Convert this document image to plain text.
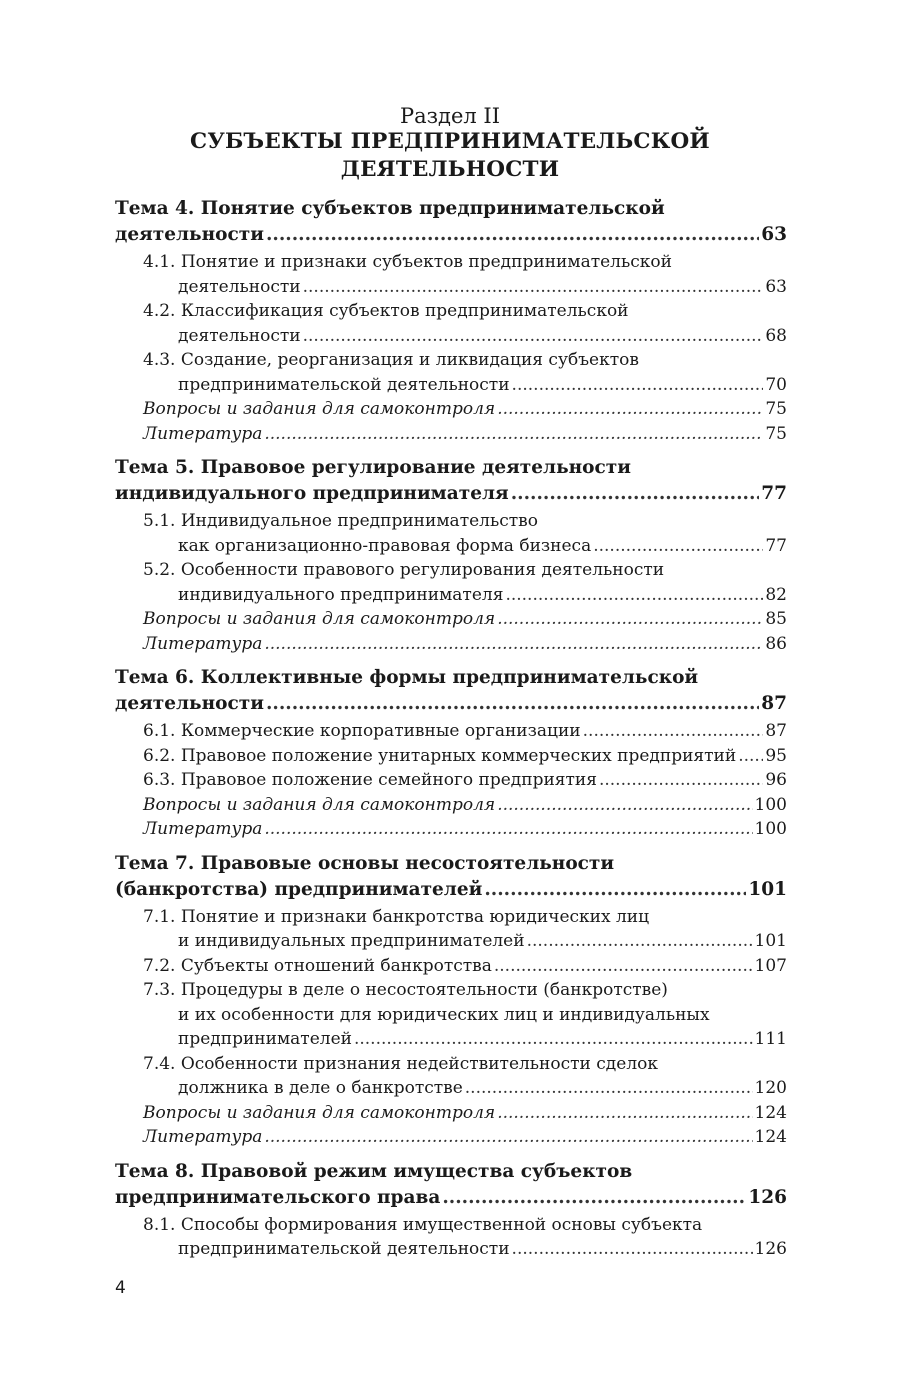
Раздел II
СУБЪЕКТЫ ПРЕДПРИНИМАТЕЛЬСКОЙ
ДЕЯТЕЛЬНОСТИ
Тема 4. Понятие субъектов предпринимательской
деятельности .....	63
4.1. Понятие и признаки субъектов предпринимательской
деятельности .....	63
4.2. Классификация субъектов предпринимательской
деятельности .....	68
4.3. Создание, реорганизация и ликвидация субъектов
предпринимательской деятельности .....	70
Вопросы и задания для самоконтроля .....	75
Литература .....	75
Тема 5. Правовое регулирование деятельности
индивидуального предпринимателя .....	77
5.1. Индивидуальное предпринимательство
как организационно-правовая форма бизнеса .....	77
5.2. Особенности правового регулирования деятельности
индивидуального предпринимателя .....	82
Вопросы и задания для самоконтроля .....	85
Литература .....	86
Тема 6. Коллективные формы предпринимательской
деятельности .....	87
6.1. Коммерческие корпоративные организации .....	87
6.2. Правовое положение унитарных коммерческих предприятий ..... 95
6.3. Правовое положение семейного предприятия .....	96
Вопросы и задания для самоконтроля .....	100
Литература .....	100
Тема 7. Правовые основы несостоятельности
(банкротства) предпринимателей .....	101
7.1. Понятие и признаки банкротства юридических лиц
и индивидуальных предпринимателей .....	101
7.2. Субъекты отношений банкротства .....	107
7.3. Процедуры в деле о несостоятельности (банкротстве)
и их особенности для юридических лиц и индивидуальных
предпринимателей .....	111
7.4. Особенности признания недействительности сделок
должника в деле о банкротстве .....	120
Вопросы и задания для самоконтроля .....	124
Литература .....	124
Тема 8. Правовой режим имущества субъектов
предпринимательского права .....	126
8.1. Способы формирования имущественной основы субъекта
предпринимательской деятельности .....	126
4
